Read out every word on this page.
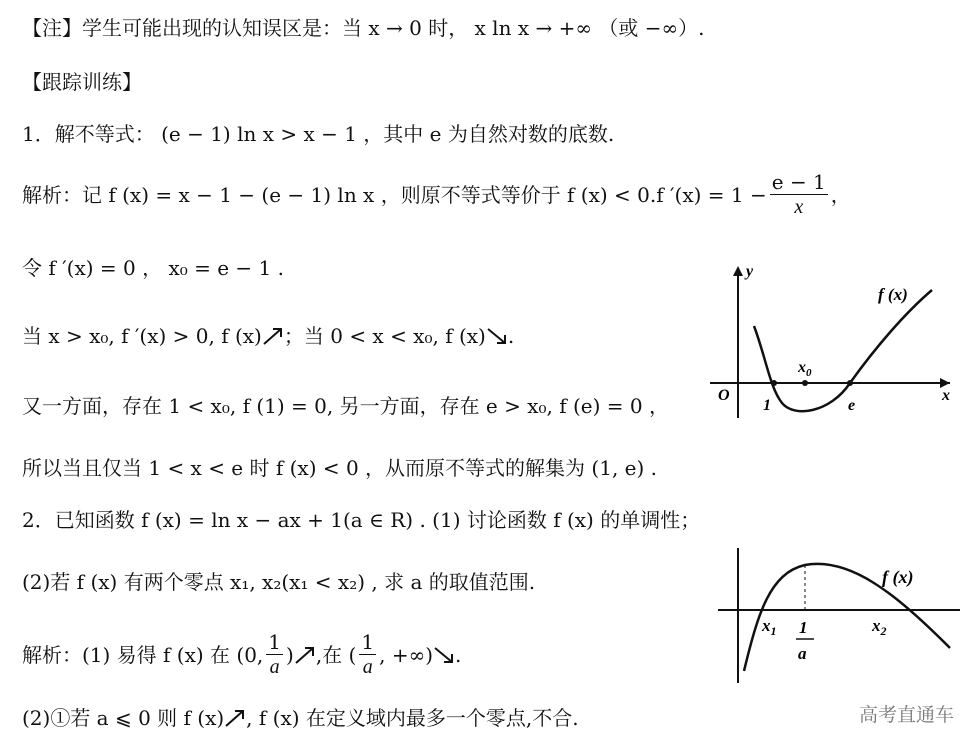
【注】学生可能出现的认知误区是：当 x → 0 时， x ln x → +∞ （或 −∞）.
【跟踪训练】
1．解不等式： (e − 1) ln x > x − 1 ，其中 e 为自然对数的底数.
解析：记 f (x) = x − 1 − (e − 1) ln x ，则原不等式等价于 f (x) < 0.f $'(x) = 1 - \frac{e - 1}{x}$ ，
令 f ′(x) = 0 ， x₀ = e − 1 .
当 x > x₀, f ′(x) > 0, f (x) ；当 0 < x < x₀, f (x) .
又一方面，存在 1 < x₀, f (1) = 0, 另一方面，存在 e > x₀, f (e) = 0 ，
所以当且仅当 1 < x < e 时 f (x) < 0 ，从而原不等式的解集为 (1, e) .
y
x
O
1
$x_0$
e
f (x)
2．已知函数 f (x) = ln x − ax + 1(a ∈ R) . (1) 讨论函数 f (x) 的单调性；
(2)若 f (x) 有两个零点 x₁, x₂(x₁ < x₂) , 求 a 的取值范围.
解析：(1) 易得 f (x) 在 (0, $\frac{1}{a}$ ) ,在 ( $\frac{1}{a}$ , +∞) .
(2)①若 a ⩽ 0 则 f (x) , f (x) 在定义域内最多一个零点,不合.
f (x)
$x_1$	$x_2$
1
a
高考直通车
